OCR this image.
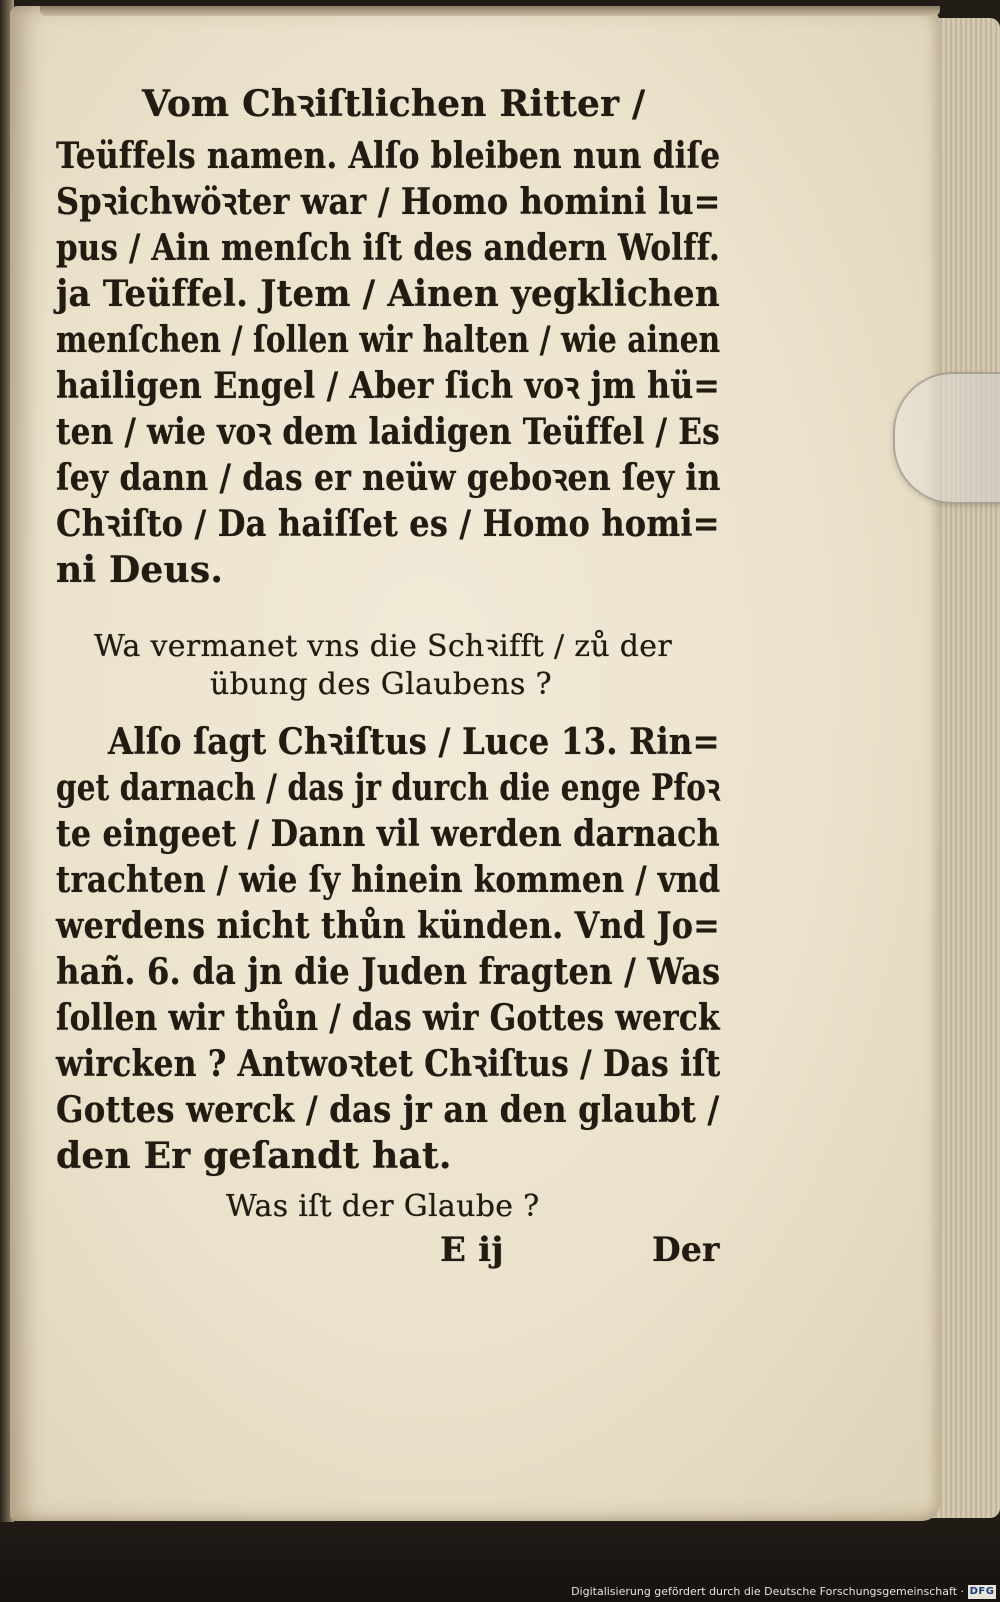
Vom Chꝛiſtlichen Ritter /
Teüffels namen. Alſo bleiben nun diſe
Spꝛichwöꝛter war / Homo homini lu=
pus / Ain menſch iſt des andern Wolff.
ja Teüffel. Jtem / Ainen yegklichen
menſchen / ſollen wir halten / wie ainen
hailigen Engel / Aber ſich voꝛ jm hü=
ten / wie voꝛ dem laidigen Teüffel / Es
ſey dann / das er neüw geboꝛen ſey in
Chꝛiſto / Da haiſſet es / Homo homi=
ni Deus.
Wa vermanet vns die Schꝛifft / zů der
übung des Glaubens ?
Alſo ſagt Chꝛiſtus / Luce 13. Rin=
get darnach / das jr durch die enge Pfoꝛ
te eingeet / Dann vil werden darnach
trachten / wie ſy hinein kommen / vnd
werdens nicht thůn künden. Vnd Jo=
hañ. 6. da jn die Juden fragten / Was
ſollen wir thůn / das wir Gottes werck
wircken ? Antwoꝛtet Chꝛiſtus / Das iſt
Gottes werck / das jr an den glaubt /
den Er geſandt hat.
Was iſt der Glaube ?
E ij	Der
Digitalisierung gefördert durch die Deutsche Forschungsgemeinschaft · DFG
